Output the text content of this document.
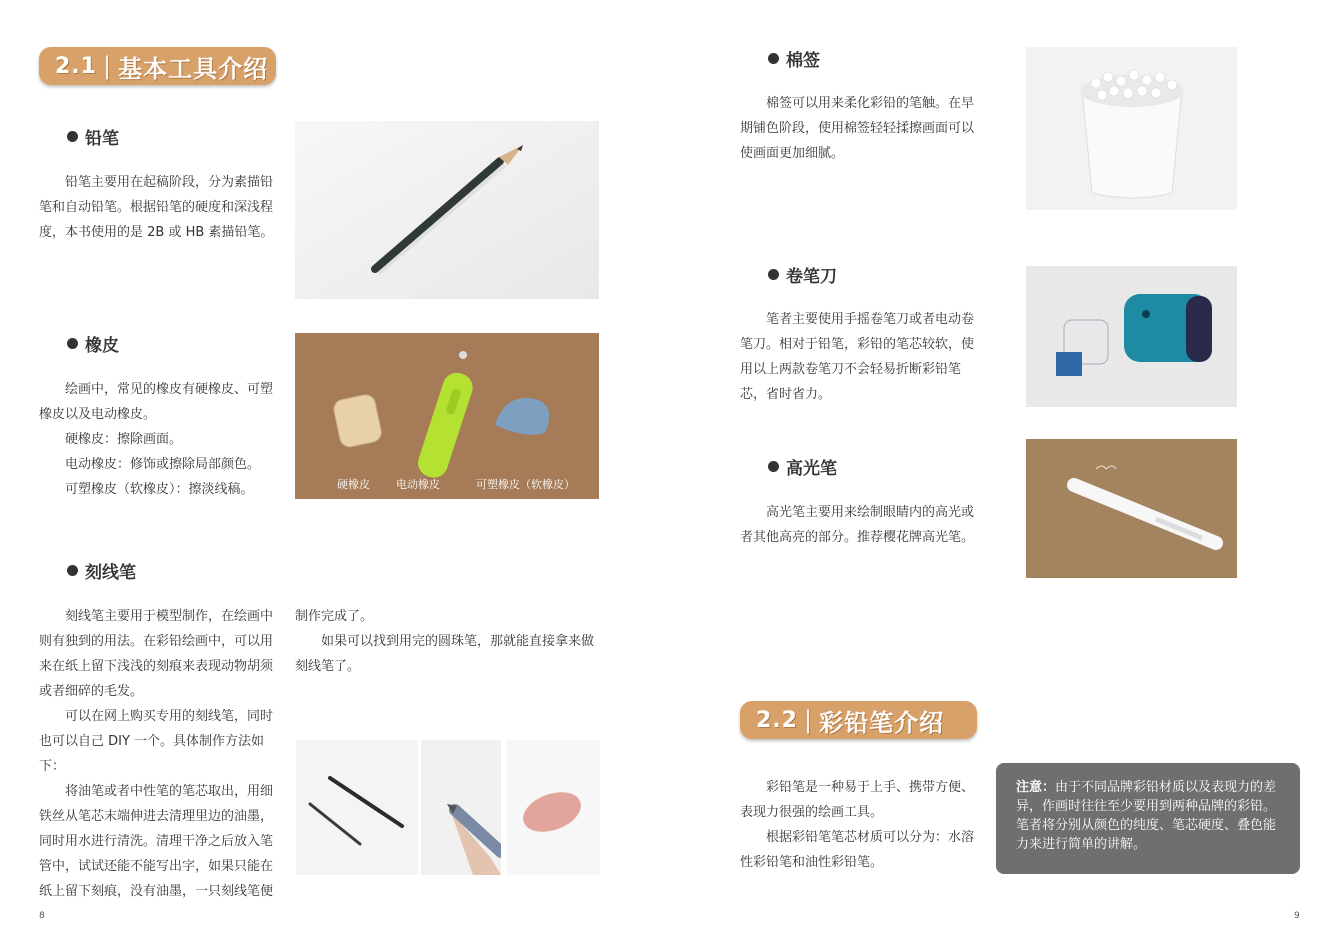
2.1 | 基本工具介绍
铅笔

铅笔主要用在起稿阶段，分为素描铅笔和自动铅笔。根据铅笔的硬度和深浅程度，本书使用的是 2B 或 HB 素描铅笔。

橡皮

绘画中，常见的橡皮有硬橡皮、可塑橡皮以及电动橡皮。

硬橡皮：擦除画面。

电动橡皮：修饰或擦除局部颜色。

可塑橡皮（软橡皮）：擦淡线稿。	硬橡皮 电动橡皮	可塑橡皮（软橡皮）
刻线笔

刻线笔主要用于模型制作，在绘画中则有独到的用法。在彩铅绘画中，可以用来在纸上留下浅浅的刻痕来表现动物胡须或者细碎的毛发。

可以在网上购买专用的刻线笔，同时也可以自己 DIY 一个。具体制作方法如下：

将油笔或者中性笔的笔芯取出，用细铁丝从笔芯末端伸进去清理里边的油墨，同时用水进行清洗。清理干净之后放入笔管中，试试还能不能写出字，如果只能在纸上留下刻痕，没有油墨，一只刻线笔便

制作完成了。

如果可以找到用完的圆珠笔，那就能直接拿来做刻线笔了。

8
棉签

棉签可以用来柔化彩铅的笔触。在早期铺色阶段，使用棉签轻轻揉擦画面可以使画面更加细腻。

卷笔刀

笔者主要使用手摇卷笔刀或者电动卷笔刀。相对于铅笔，彩铅的笔芯较软，使用以上两款卷笔刀不会轻易折断彩铅笔芯，省时省力。

高光笔

高光笔主要用来绘制眼睛内的高光或者其他高亮的部分。推荐樱花牌高光笔。

2.2 | 彩铅笔介绍

彩铅笔是一种易于上手、携带方便、表现力很强的绘画工具。

根据彩铅笔笔芯材质可以分为：水溶性彩铅笔和油性彩铅笔。

注意：由于不同品牌彩铅材质以及表现力的差异，作画时往往至少要用到两种品牌的彩铅。笔者将分别从颜色的纯度、笔芯硬度、叠色能力来进行简单的讲解。
9
